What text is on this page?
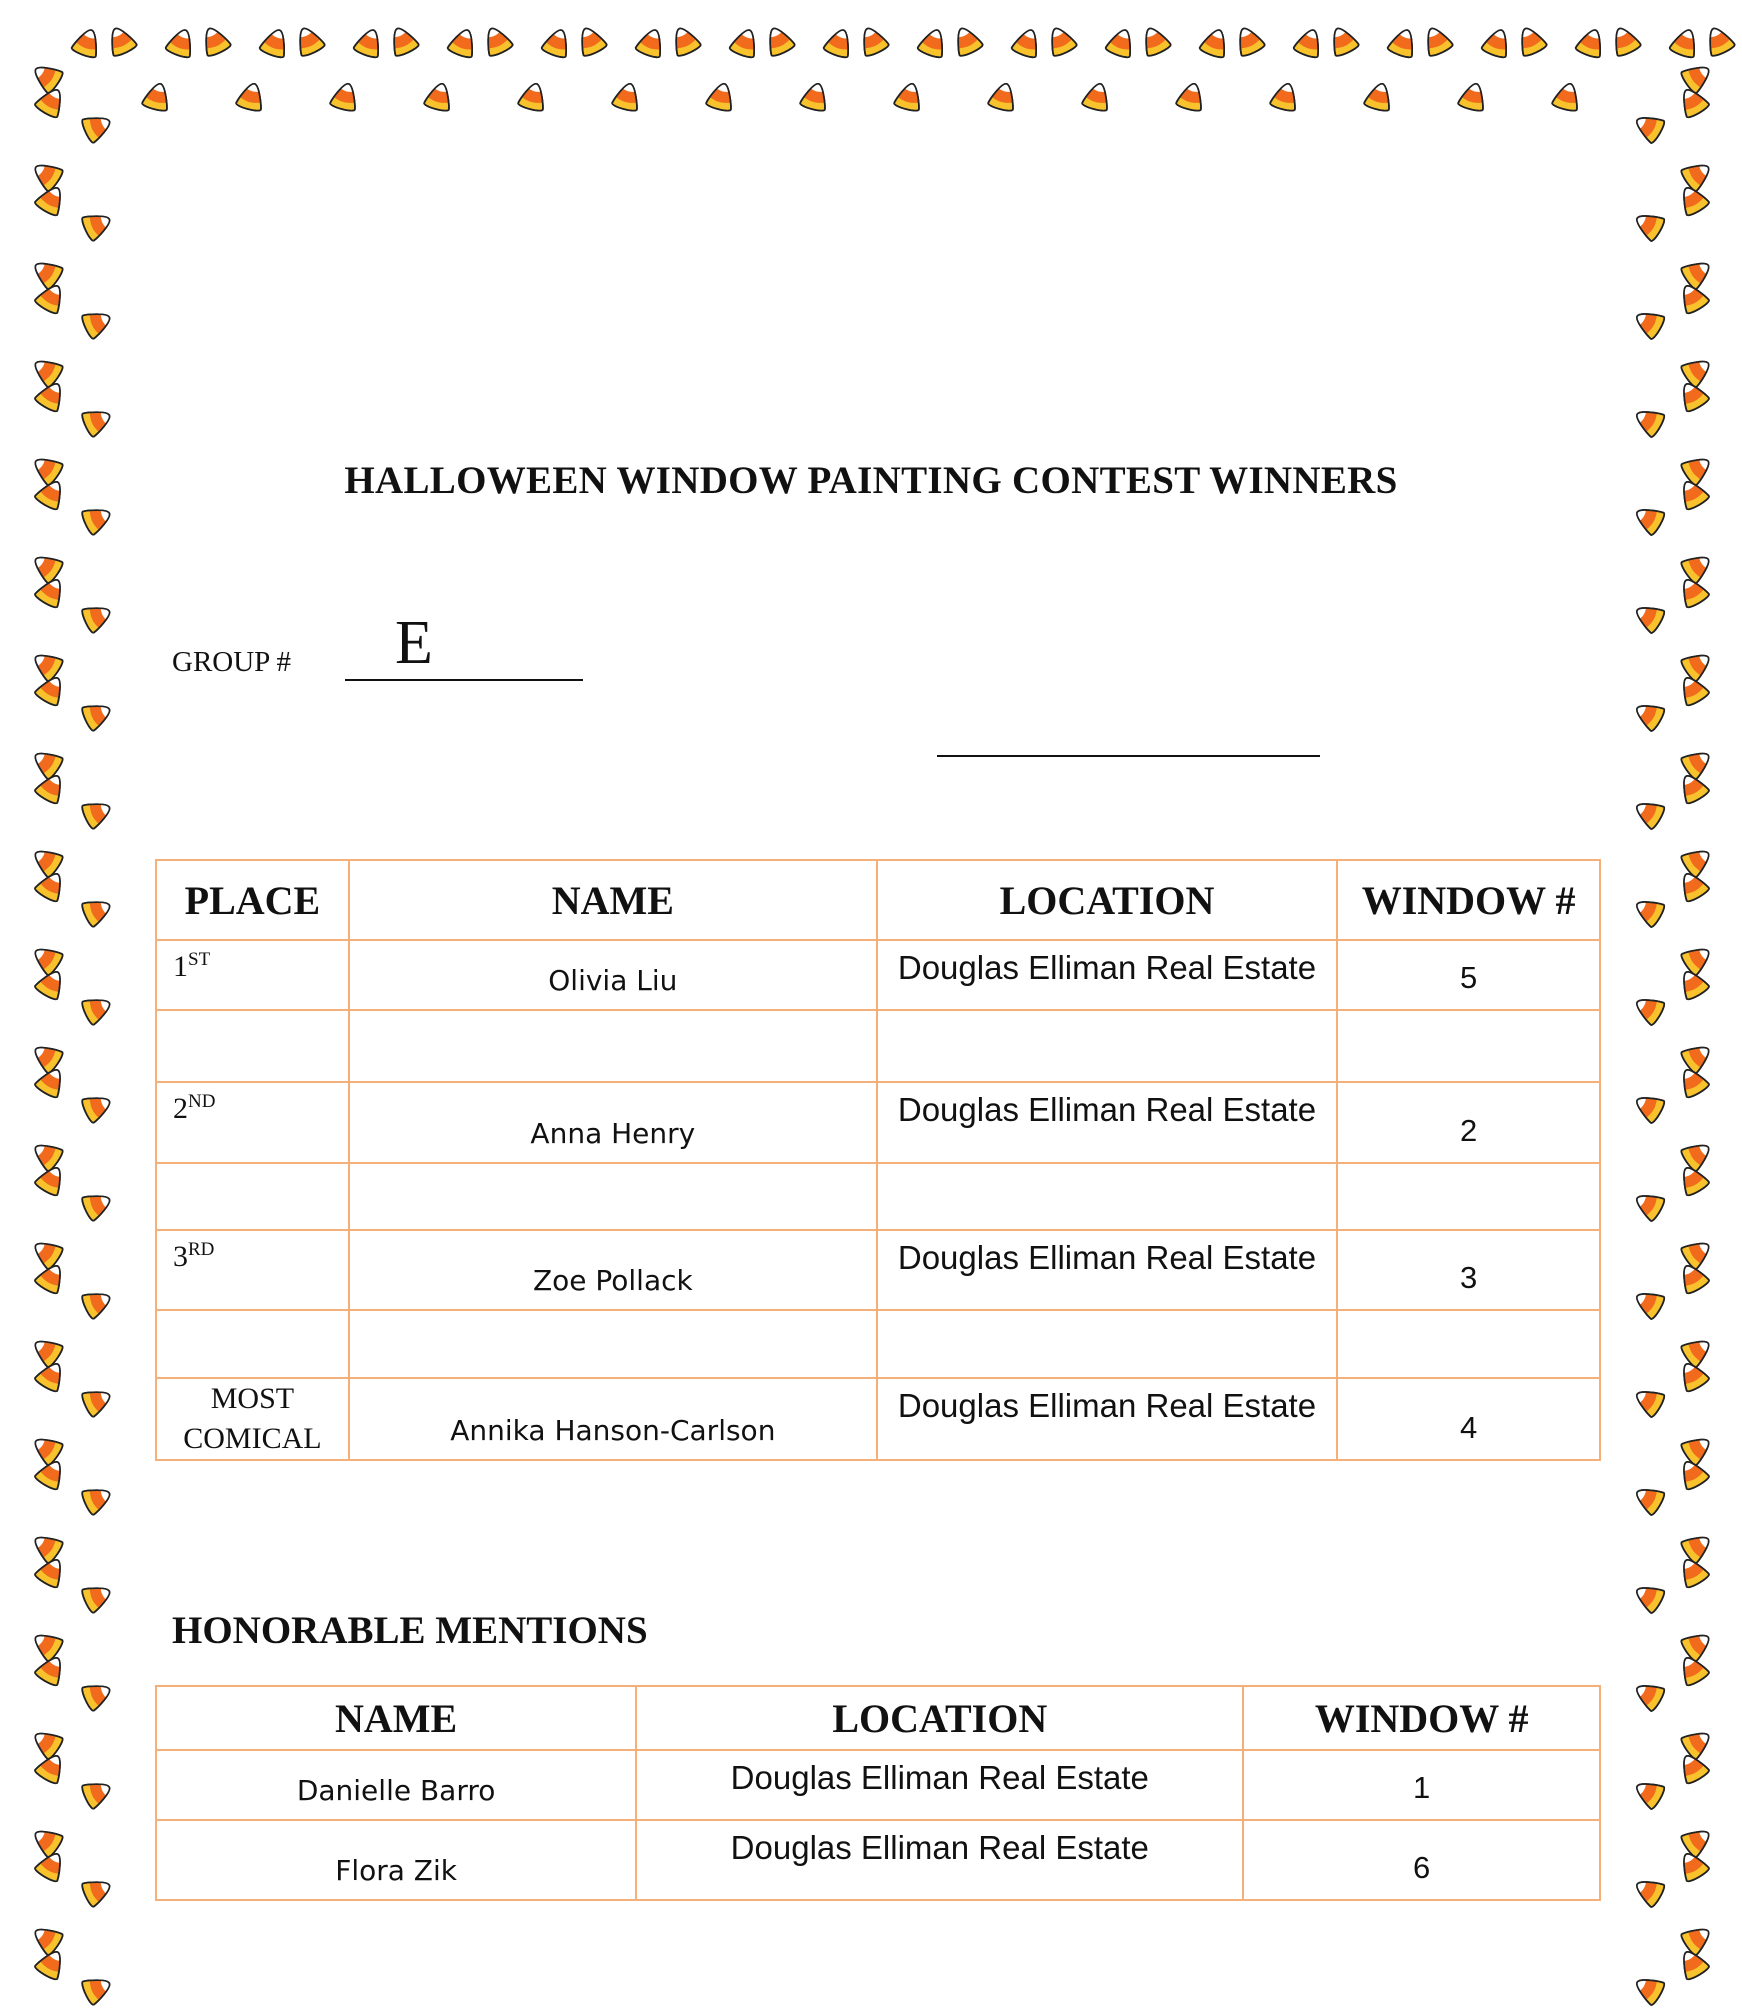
HALLOWEEN WINDOW PAINTING CONTEST WINNERS
GROUP # E
PLACE	NAME	LOCATION	WINDOW #
1ST	Olivia Liu	Douglas Elliman Real Estate	5

2ND	Anna Henry	Douglas Elliman Real Estate	2

3RD	Zoe Pollack	Douglas Elliman Real Estate	3

MOST
COMICAL	Annika Hanson-Carlson	Douglas Elliman Real Estate	4
HONORABLE MENTIONS
NAME	LOCATION	WINDOW #
Danielle Barro	Douglas Elliman Real Estate	1
Flora Zik	Douglas Elliman Real Estate	6
